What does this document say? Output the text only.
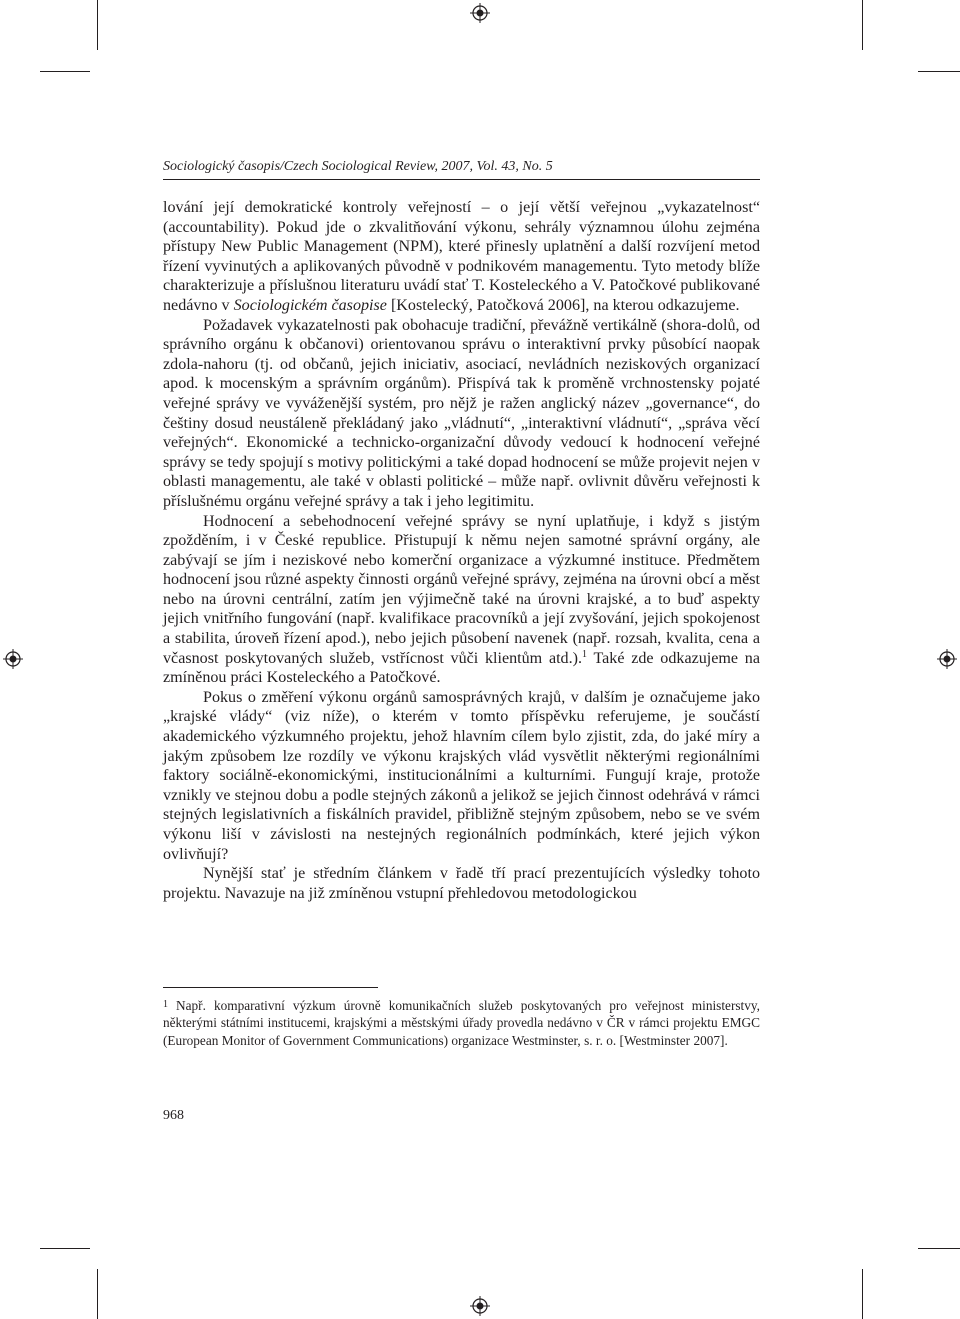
Sociologický časopis/Czech Sociological Review, 2007, Vol. 43, No. 5

lování její demokratické kontroly veřejností – o její větší veřejnou „vykazatelnost“ (accountability). Pokud jde o zkvalitňování výkonu, sehrály významnou úlohu zejména přístupy New Public Management (NPM), které přinesly uplatnění a další rozvíjení metod řízení vyvinutých a aplikovaných původně v podnikovém managementu. Tyto metody blíže charakterizuje a příslušnou literaturu uvádí stať T. Kosteleckého a V. Patočkové publikované nedávno v Sociologickém časopise [Kostelecký, Patočková 2006], na kterou odkazujeme.

Požadavek vykazatelnosti pak obohacuje tradiční, převážně vertikálně (shora-dolů, od správního orgánu k občanovi) orientovanou správu o interaktivní prvky působící naopak zdola-nahoru (tj. od občanů, jejich iniciativ, asociací, nevládních neziskových organizací apod. k mocenským a správním orgánům). Přispívá tak k proměně vrchnostensky pojaté veřejné správy ve vyváženější systém, pro nějž je ražen anglický název „governance“, do češtiny dosud neustáleně překládaný jako „vládnutí“, „interaktivní vládnutí“, „správa věcí veřejných“. Ekonomické a technicko-organizační důvody vedoucí k hodnocení veřejné správy se tedy spojují s motivy politickými a také dopad hodnocení se může projevit nejen v oblasti managementu, ale také v oblasti politické – může např. ovlivnit důvěru veřejnosti k příslušnému orgánu veřejné správy a tak i jeho legitimitu.

Hodnocení a sebehodnocení veřejné správy se nyní uplatňuje, i když s jistým zpožděním, i v České republice. Přistupují k němu nejen samotné správní orgány, ale zabývají se jím i neziskové nebo komerční organizace a výzkumné instituce. Předmětem hodnocení jsou různé aspekty činnosti orgánů veřejné správy, zejména na úrovni obcí a měst nebo na úrovni centrální, zatím jen výjimečně také na úrovni krajské, a to buď aspekty jejich vnitřního fungování (např. kvalifikace pracovníků a její zvyšování, jejich spokojenost a stabilita, úroveň řízení apod.), nebo jejich působení navenek (např. rozsah, kvalita, cena a včasnost poskytovaných služeb, vstřícnost vůči klientům atd.).$^1$ Také zde odkazujeme na zmíněnou práci Kosteleckého a Patočkové.

Pokus o změření výkonu orgánů samosprávných krajů, v dalším je označujeme jako „krajské vlády“ (viz níže), o kterém v tomto příspěvku referujeme, je součástí akademického výzkumného projektu, jehož hlavním cílem bylo zjistit, zda, do jaké míry a jakým způsobem lze rozdíly ve výkonu krajských vlád vysvětlit některými regionálními faktory sociálně-ekonomickými, institucionálními a kulturními. Fungují kraje, protože vznikly ve stejnou dobu a podle stejných zákonů a jelikož se jejich činnost odehrává v rámci stejných legislativních a fiskálních pravidel, přibližně stejným způsobem, nebo se ve svém výkonu liší v závislosti na nestejných regionálních podmínkách, které jejich výkon ovlivňují?

Nynější stať je středním článkem v řadě tří prací prezentujících výsledky tohoto projektu. Navazuje na již zmíněnou vstupní přehledovou metodologickou

$^1$ Např. komparativní výzkum úrovně komunikačních služeb poskytovaných pro veřejnost ministerstvy, některými státními institucemi, krajskými a městskými úřady provedla nedávno v ČR v rámci projektu EMGC (European Monitor of Government Communications) organizace Westminster, s. r. o. [Westminster 2007].
968
